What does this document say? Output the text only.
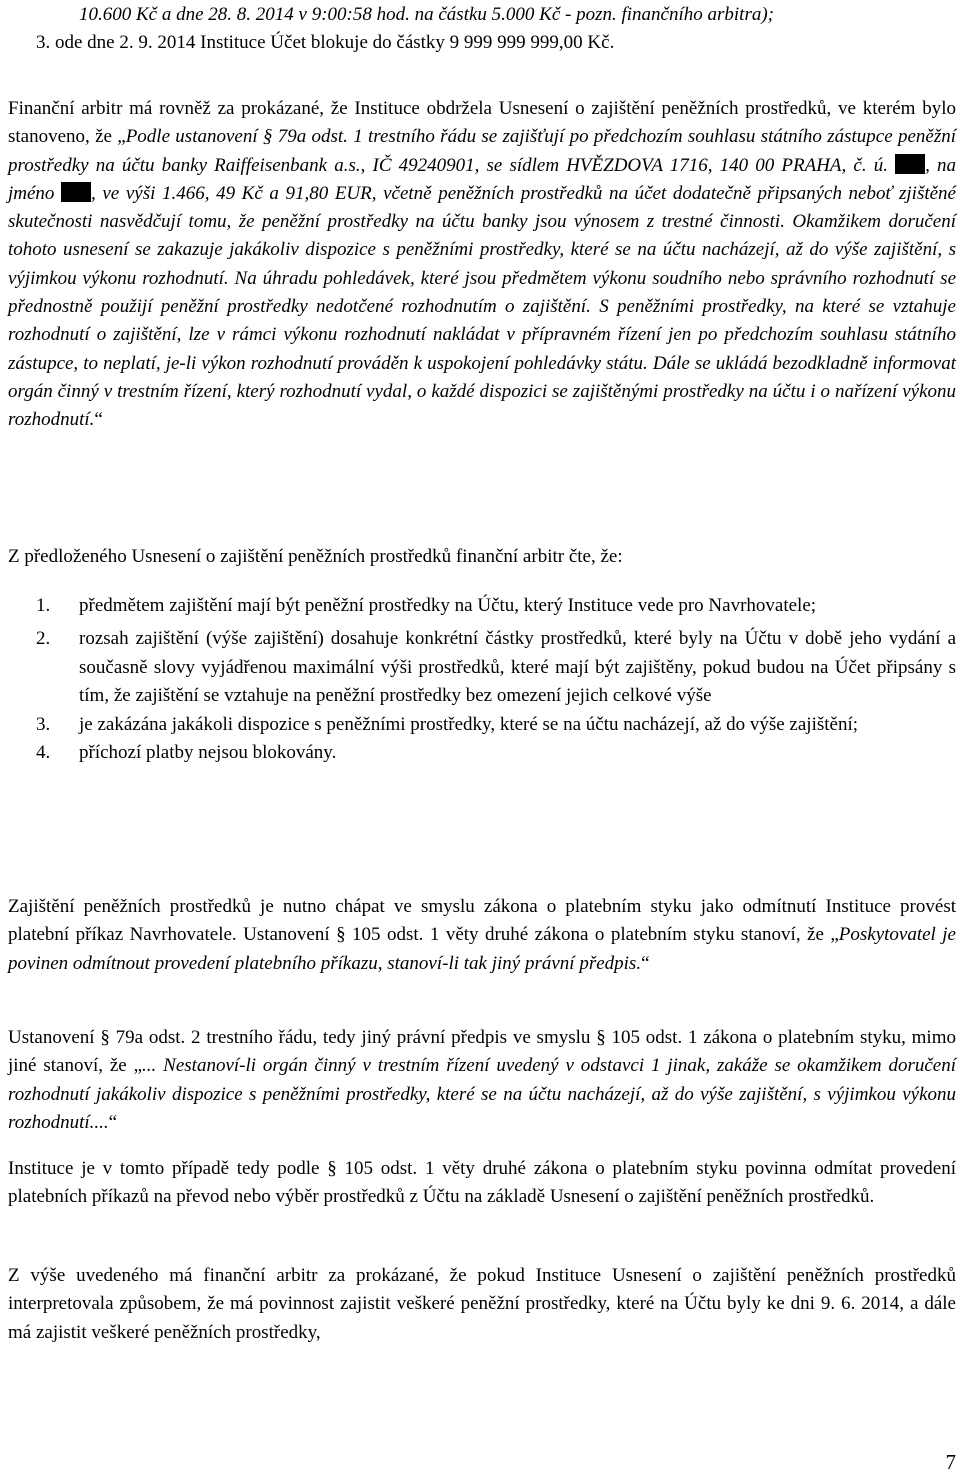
10.600 Kč a dne 28. 8. 2014 v 9:00:58 hod. na částku 5.000 Kč - pozn. finančního arbitra);
3. ode dne 2. 9. 2014 Instituce Účet blokuje do částky 9 999 999 999,00 Kč.

Finanční arbitr má rovněž za prokázané, že Instituce obdržela Usnesení o zajištění peněžních prostředků, ve kterém bylo stanoveno, že „Podle ustanovení § 79a odst. 1 trestního řádu se zajišťují po předchozím souhlasu státního zástupce peněžní prostředky na účtu banky Raiffeisenbank a.s., IČ 49240901, se sídlem HVĚZDOVA 1716, 140 00 PRAHA, č. ú. , na jméno , ve výši 1.466, 49 Kč a 91,80 EUR, včetně peněžních prostředků na účet dodatečně připsaných neboť zjištěné skutečnosti nasvědčují tomu, že peněžní prostředky na účtu banky jsou výnosem z trestné činnosti. Okamžikem doručení tohoto usnesení se zakazuje jakákoliv dispozice s peněžními prostředky, které se na účtu nacházejí, až do výše zajištění, s výjimkou výkonu rozhodnutí. Na úhradu pohledávek, které jsou předmětem výkonu soudního nebo správního rozhodnutí se přednostně použijí peněžní prostředky nedotčené rozhodnutím o zajištění. S peněžními prostředky, na které se vztahuje rozhodnutí o zajištění, lze v rámci výkonu rozhodnutí nakládat v přípravném řízení jen po předchozím souhlasu státního zástupce, to neplatí, je-li výkon rozhodnutí prováděn k uspokojení pohledávky státu. Dále se ukládá bezodkladně informovat orgán činný v trestním řízení, který rozhodnutí vydal, o každé dispozici se zajištěnými prostředky na účtu i o nařízení výkonu rozhodnutí.“

Z předloženého Usnesení o zajištění peněžních prostředků finanční arbitr čte, že:

1. předmětem zajištění mají být peněžní prostředky na Účtu, který Instituce vede pro Navrhovatele;
2. rozsah zajištění (výše zajištění) dosahuje konkrétní částky prostředků, které byly na Účtu v době jeho vydání a současně slovy vyjádřenou maximální výši prostředků, které mají být zajištěny, pokud budou na Účet připsány s tím, že zajištění se vztahuje na peněžní prostředky bez omezení jejich celkové výše
3. je zakázána jakákoli dispozice s peněžními prostředky, které se na účtu nacházejí, až do výše zajištění;
4. příchozí platby nejsou blokovány.

Zajištění peněžních prostředků je nutno chápat ve smyslu zákona o platebním styku jako odmítnutí Instituce provést platební příkaz Navrhovatele. Ustanovení § 105 odst. 1 věty druhé zákona o platebním styku stanoví, že „Poskytovatel je povinen odmítnout provedení platebního příkazu, stanoví-li tak jiný právní předpis.“

Ustanovení § 79a odst. 2 trestního řádu, tedy jiný právní předpis ve smyslu § 105 odst. 1 zákona o platebním styku, mimo jiné stanoví, že „... Nestanoví-li orgán činný v trestním řízení uvedený v odstavci 1 jinak, zakáže se okamžikem doručení rozhodnutí jakákoliv dispozice s peněžními prostředky, které se na účtu nacházejí, až do výše zajištění, s výjimkou výkonu rozhodnutí....“

Instituce je v tomto případě tedy podle § 105 odst. 1 věty druhé zákona o platebním styku povinna odmítat provedení platebních příkazů na převod nebo výběr prostředků z Účtu na základě Usnesení o zajištění peněžních prostředků.

Z výše uvedeného má finanční arbitr za prokázané, že pokud Instituce Usnesení o zajištění peněžních prostředků interpretovala způsobem, že má povinnost zajistit veškeré peněžní prostředky, které na Účtu byly ke dni 9. 6. 2014, a dále má zajistit veškeré peněžních prostředky,

7
